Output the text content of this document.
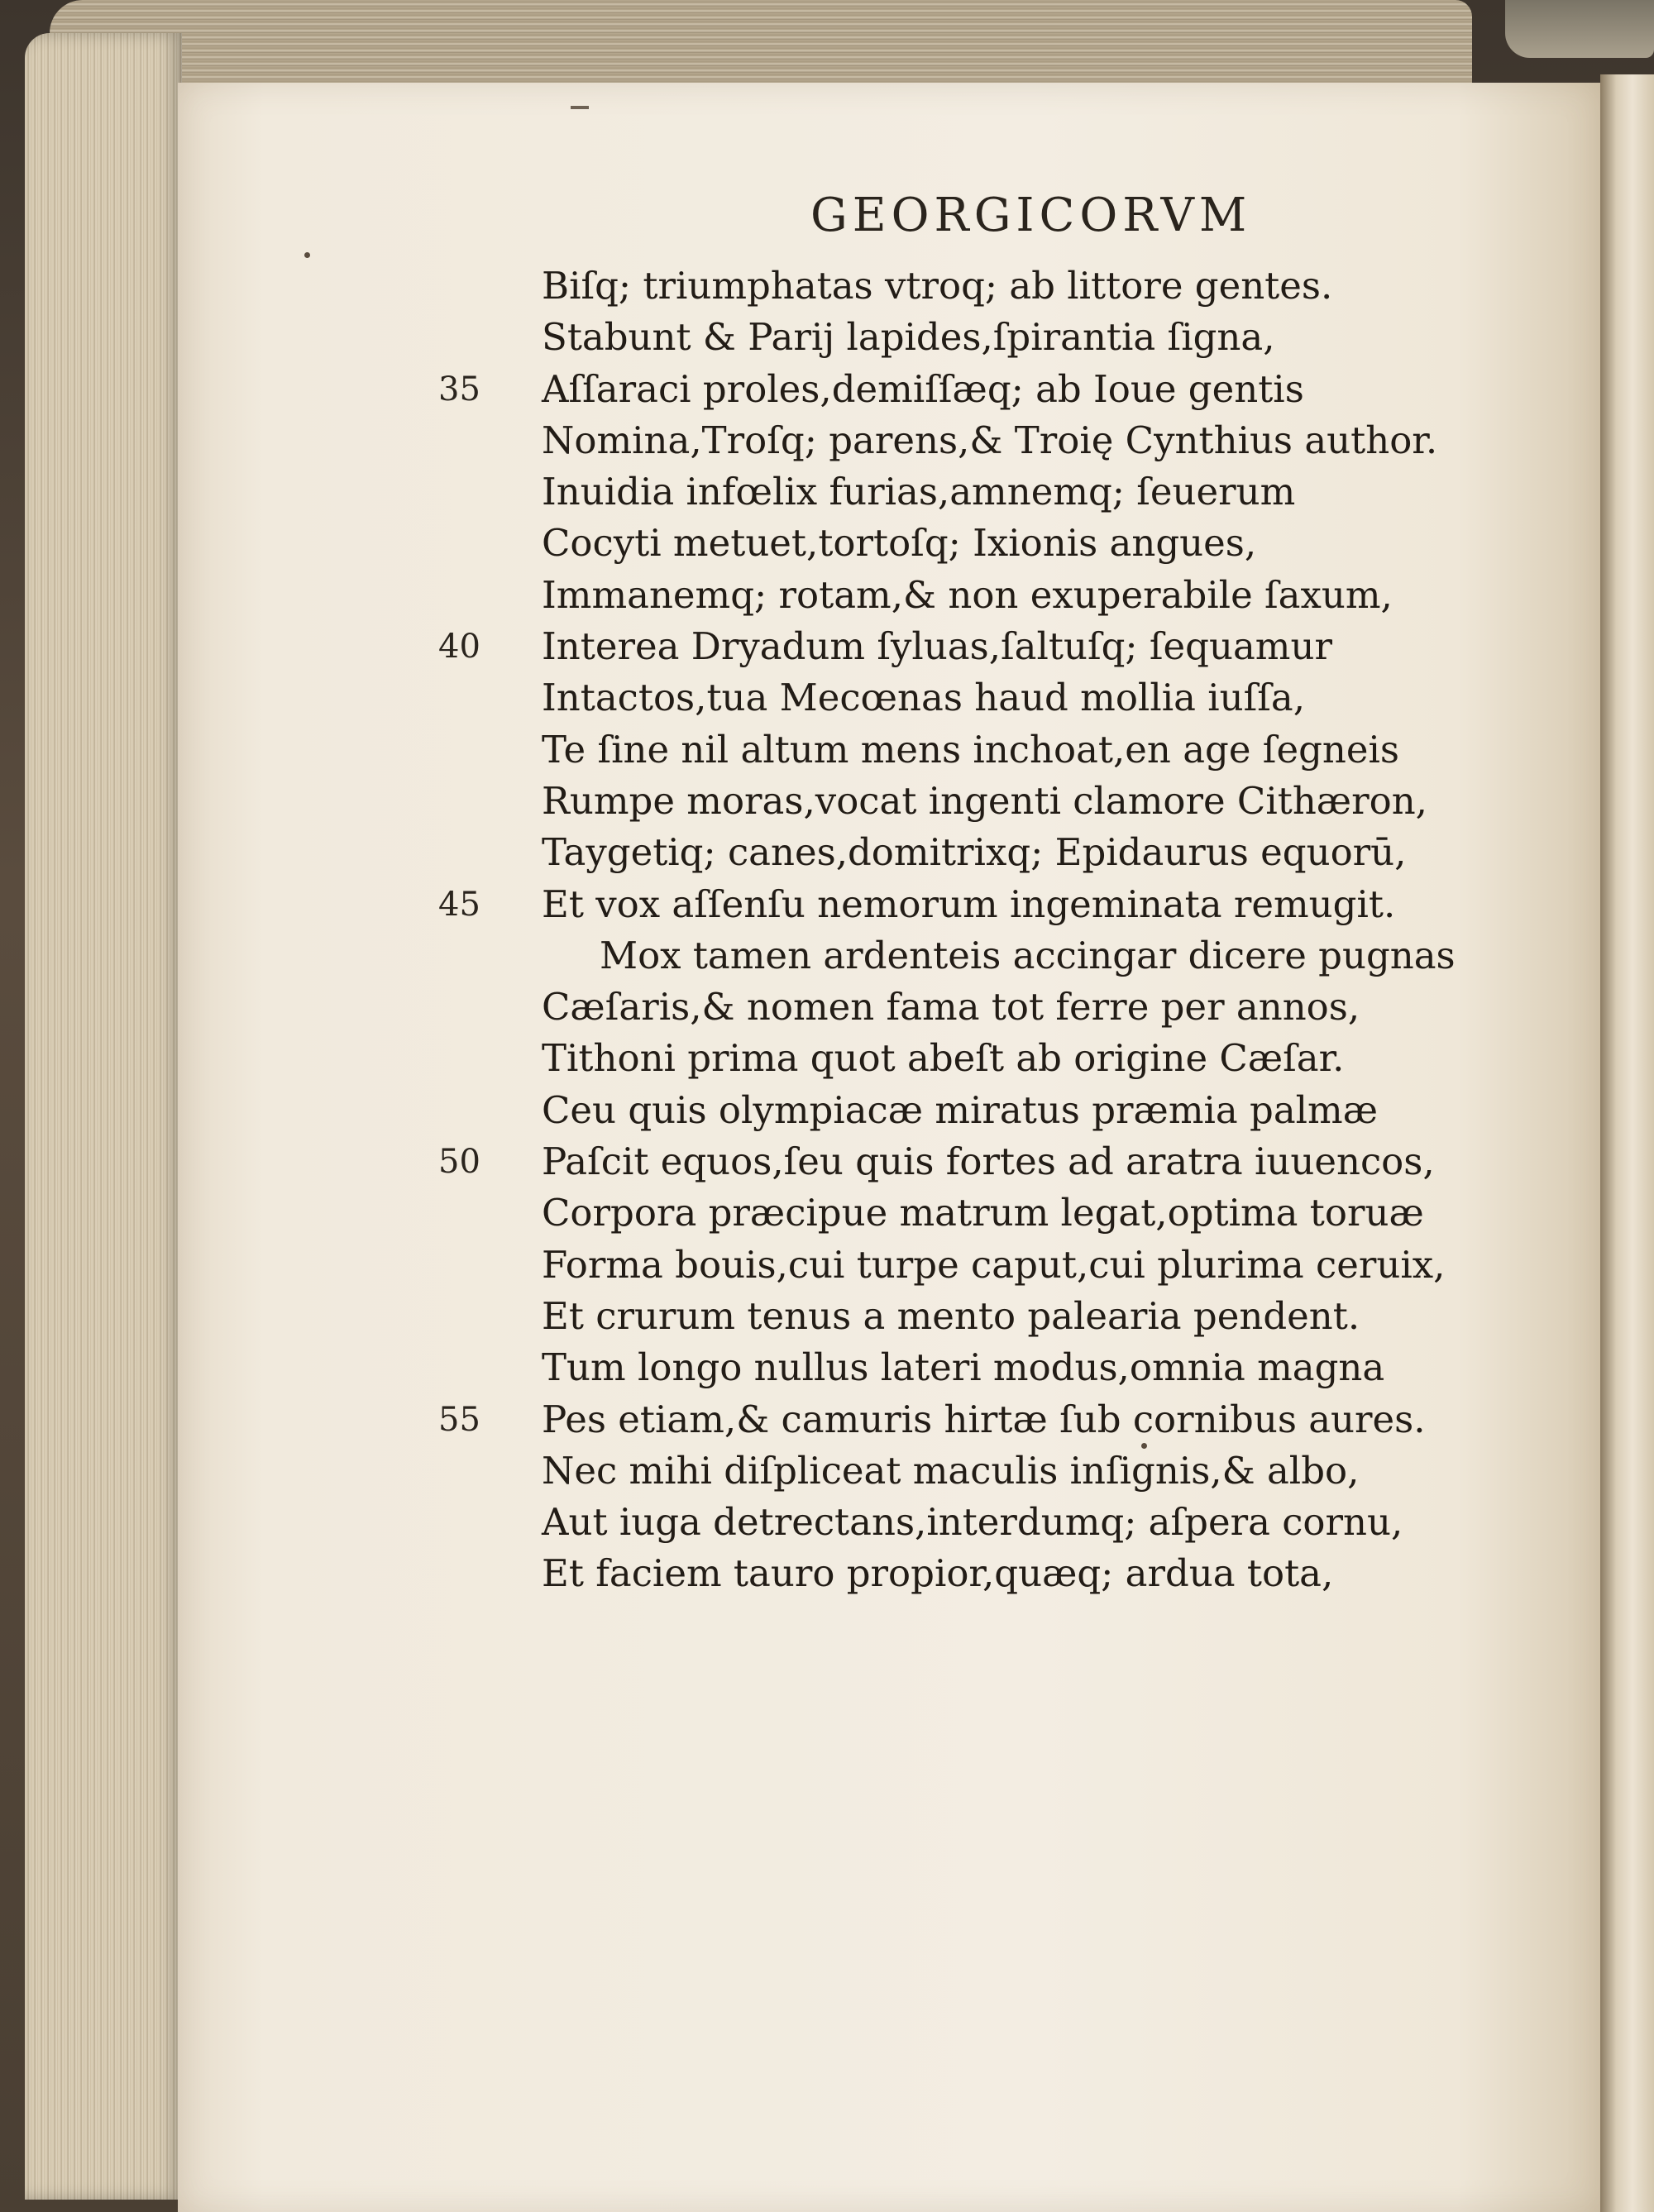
GEORGICORVM
Biſq; triumphatas vtroq; ab littore gentes.
Stabunt & Parij lapides,ſpirantia ſigna,
Aſſaraci proles,demiſſæq; ab Ioue gentis
35
Nomina,Troſq; parens,& Troię Cynthius author.
Inuidia infœlix furias,amnemq; ſeuerum
Cocyti metuet,tortoſq; Ixionis angues,
Immanemq; rotam,& non exuperabile ſaxum,
Interea Dryadum ſyluas,ſaltuſq; ſequamur
40
Intactos,tua Mecœnas haud mollia iuſſa,
Te ſine nil altum mens inchoat,en age ſegneis
Rumpe moras,vocat ingenti clamore Cithæron,
Taygetiq; canes,domitrixq; Epidaurus equorū,
Et vox aſſenſu nemorum ingeminata remugit.
45
Mox tamen ardenteis accingar dicere pugnas
Cæſaris,& nomen fama tot ferre per annos,
Tithoni prima quot abeſt ab origine Cæſar.
Ceu quis olympiacæ miratus præmia palmæ
Paſcit equos,ſeu quis fortes ad aratra iuuencos,
50
Corpora præcipue matrum legat,optima toruæ
Forma bouis,cui turpe caput,cui plurima ceruix,
Et crurum tenus a mento palearia pendent.
Tum longo nullus lateri modus,omnia magna
Pes etiam,& camuris hirtæ ſub cornibus aures.
55
Nec mihi diſpliceat maculis inſignis,& albo,
Aut iuga detrectans,interdumq; aſpera cornu,
Et faciem tauro propior,quæq; ardua tota,
